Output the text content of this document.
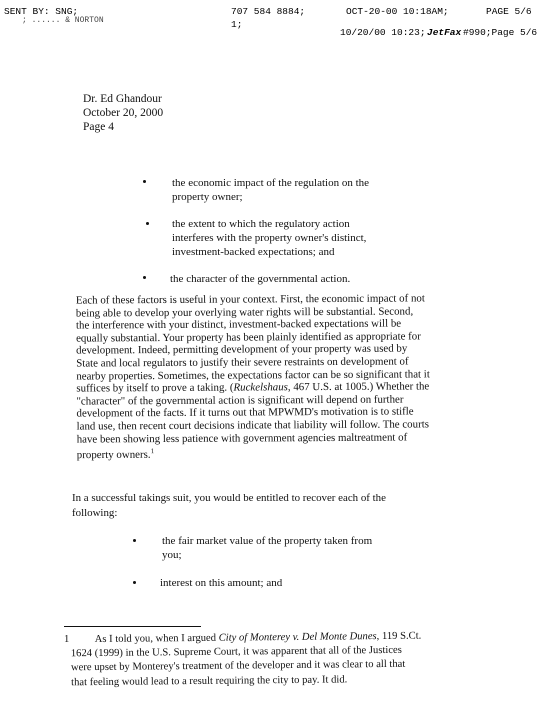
SENT BY: SNG;	707 584 8884;	OCT-20-00 10:18AM;	PAGE 5/6
; ...... & NORTON	1;
10/20/00 10:23; JetFax #990;Page 5/6
Dr. Ed Ghandour
October 20, 2000
Page 4
the economic impact of the regulation on the
property owner;
the extent to which the regulatory action
interferes with the property owner's distinct,
investment-backed expectations; and
the character of the governmental action.
Each of these factors is useful in your context. First, the economic impact of not
being able to develop your overlying water rights will be substantial. Second,
the interference with your distinct, investment-backed expectations will be
equally substantial. Your property has been plainly identified as appropriate for
development. Indeed, permitting development of your property was used by
State and local regulators to justify their severe restraints on development of
nearby properties. Sometimes, the expectations factor can be so significant that it
suffices by itself to prove a taking. (Ruckelshaus, 467 U.S. at 1005.) Whether the
"character" of the governmental action is significant will depend on further
development of the facts. If it turns out that MPWMD's motivation is to stifle
land use, then recent court decisions indicate that liability will follow. The courts
have been showing less patience with government agencies maltreatment of
property owners.$^1$
In a successful takings suit, you would be entitled to recover each of the
following:
the fair market value of the property taken from
you;
interest on this amount; and
1 As I told you, when I argued City of Monterey v. Del Monte Dunes, 119 S.Ct.
1624 (1999) in the U.S. Supreme Court, it was apparent that all of the Justices
were upset by Monterey's treatment of the developer and it was clear to all that
that feeling would lead to a result requiring the city to pay. It did.
